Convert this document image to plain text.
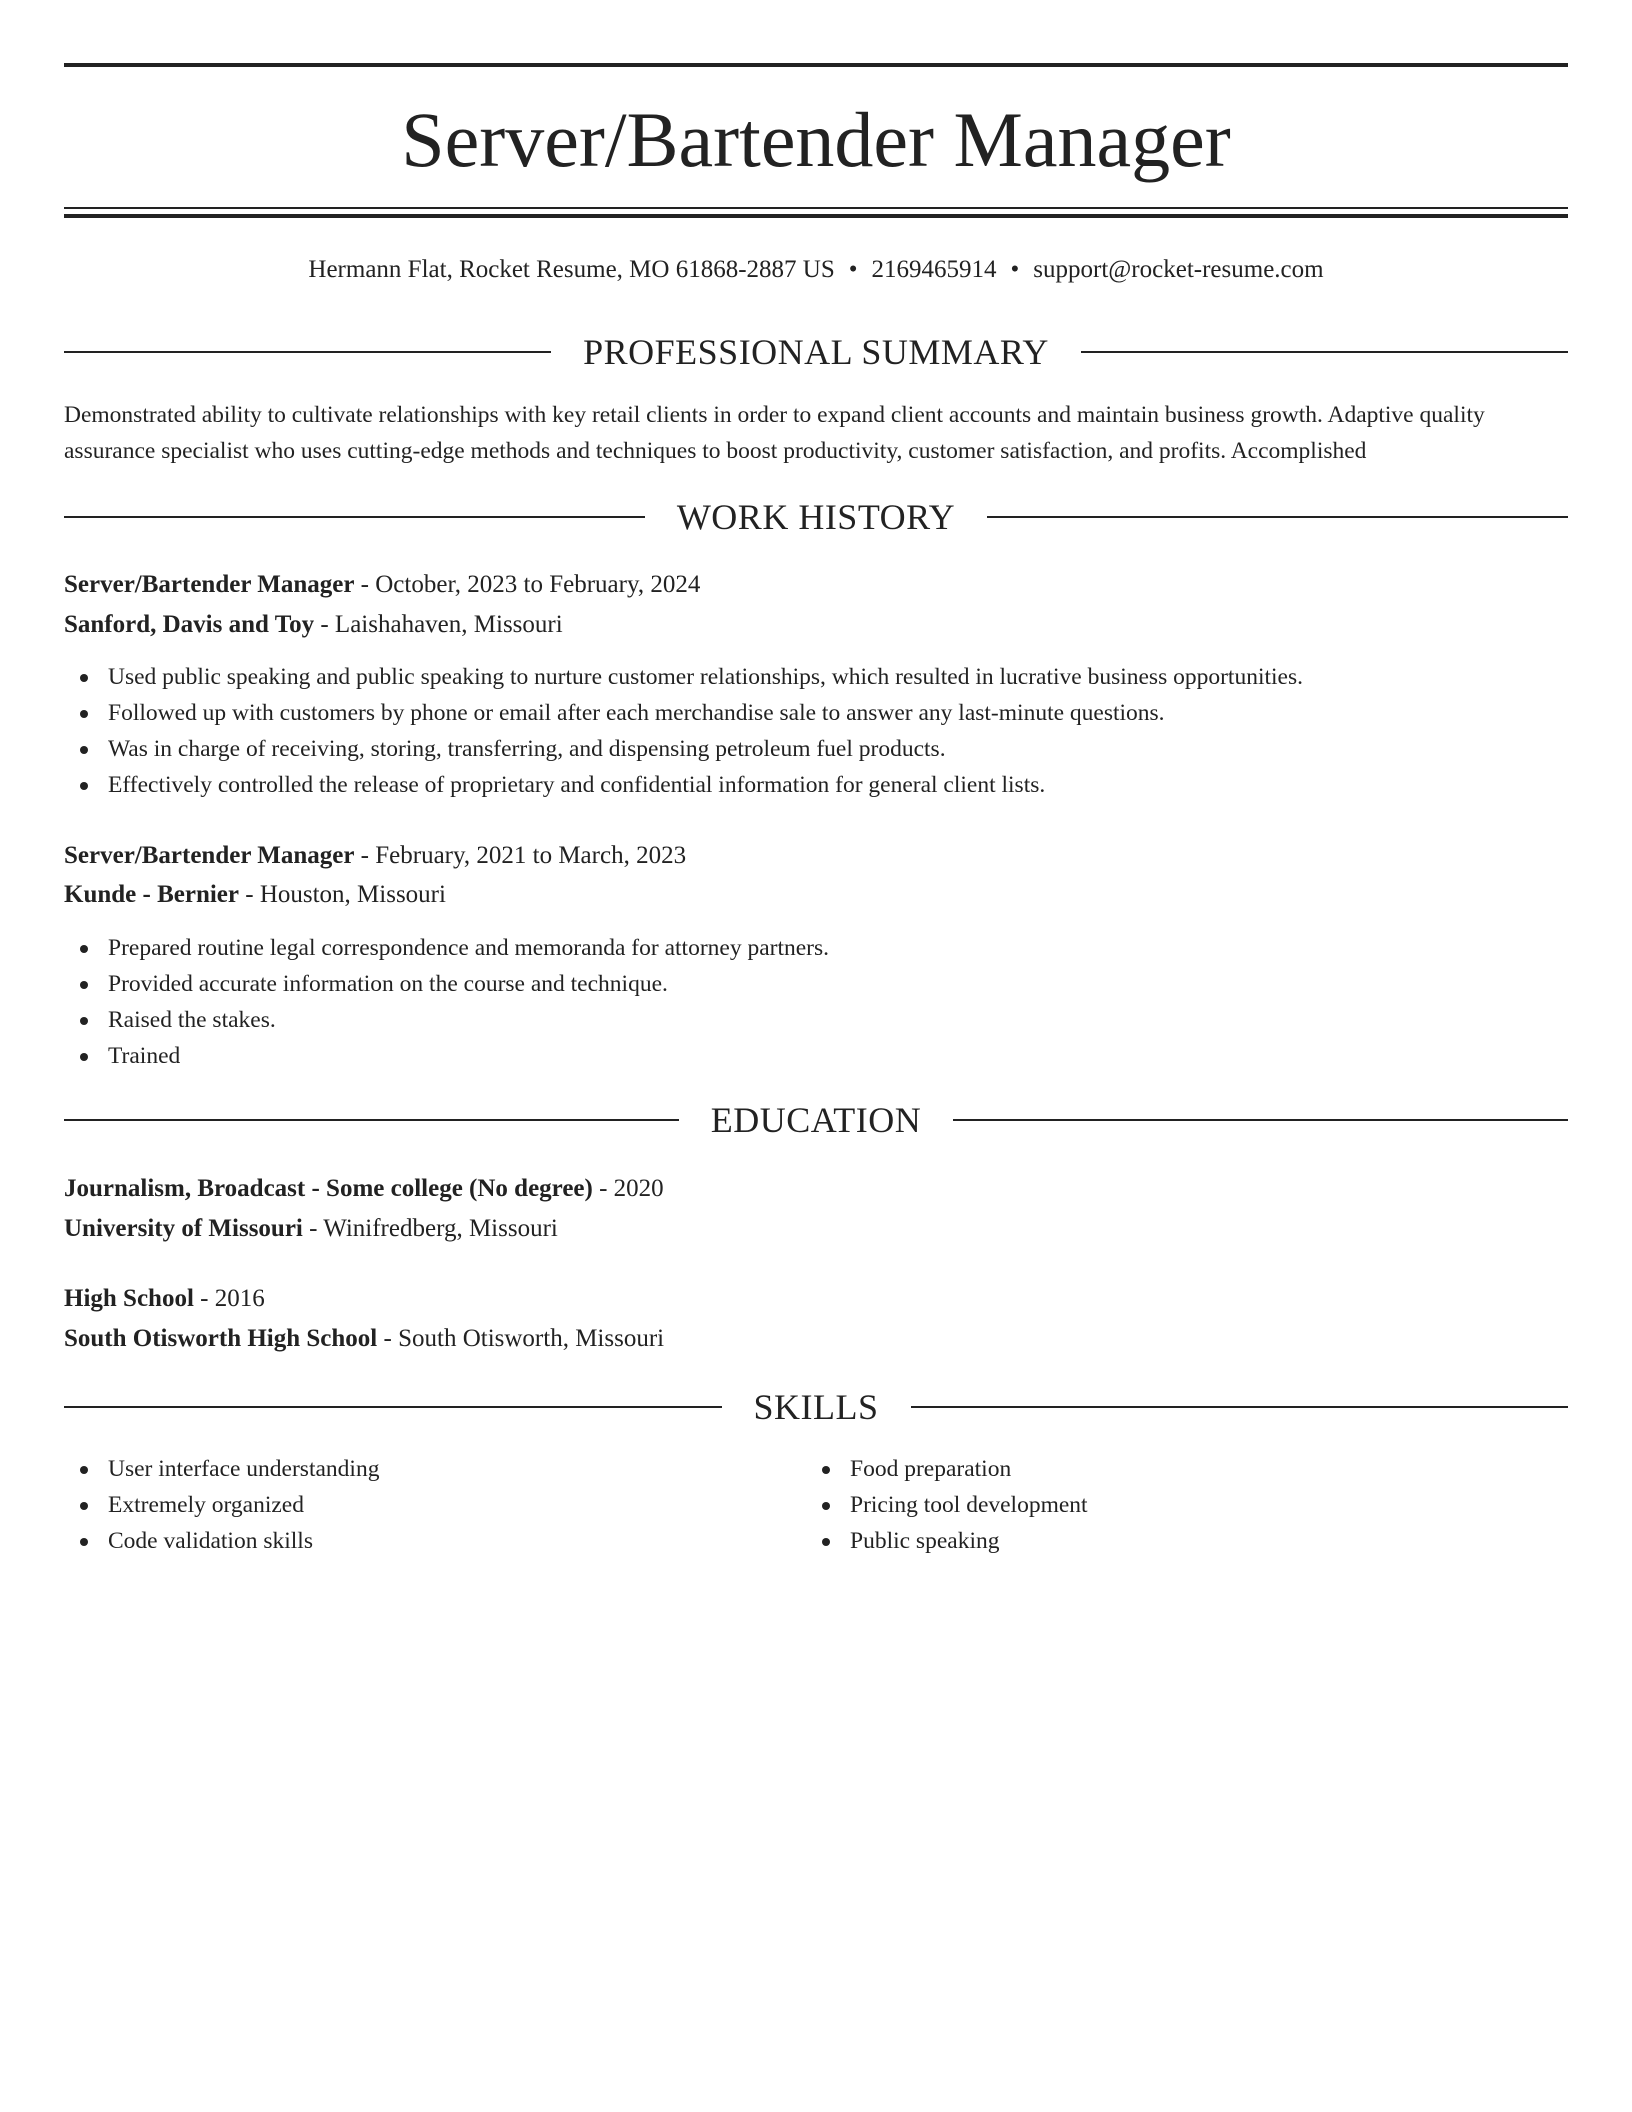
Server/Bartender Manager
Hermann Flat, Rocket Resume, MO 61868-2887 US • 2169465914 • support@rocket-resume.com
PROFESSIONAL SUMMARY

Demonstrated ability to cultivate relationships with key retail clients in order to expand client accounts and maintain business growth. Adaptive quality assurance specialist who uses cutting-edge methods and techniques to boost productivity, customer satisfaction, and profits. Accomplished

WORK HISTORY
Server/Bartender Manager - October, 2023 to February, 2024
Sanford, Davis and Toy - Laishahaven, Missouri
Used public speaking and public speaking to nurture customer relationships, which resulted in lucrative business opportunities.
Followed up with customers by phone or email after each merchandise sale to answer any last-minute questions.
Was in charge of receiving, storing, transferring, and dispensing petroleum fuel products.
Effectively controlled the release of proprietary and confidential information for general client lists.
Server/Bartender Manager - February, 2021 to March, 2023
Kunde - Bernier - Houston, Missouri
Prepared routine legal correspondence and memoranda for attorney partners.
Provided accurate information on the course and technique.
Raised the stakes.
Trained
EDUCATION
Journalism, Broadcast - Some college (No degree) - 2020
University of Missouri - Winifredberg, Missouri
High School - 2016
South Otisworth High School - South Otisworth, Missouri
SKILLS
User interface understanding
Extremely organized
Code validation skills
Food preparation
Pricing tool development
Public speaking
